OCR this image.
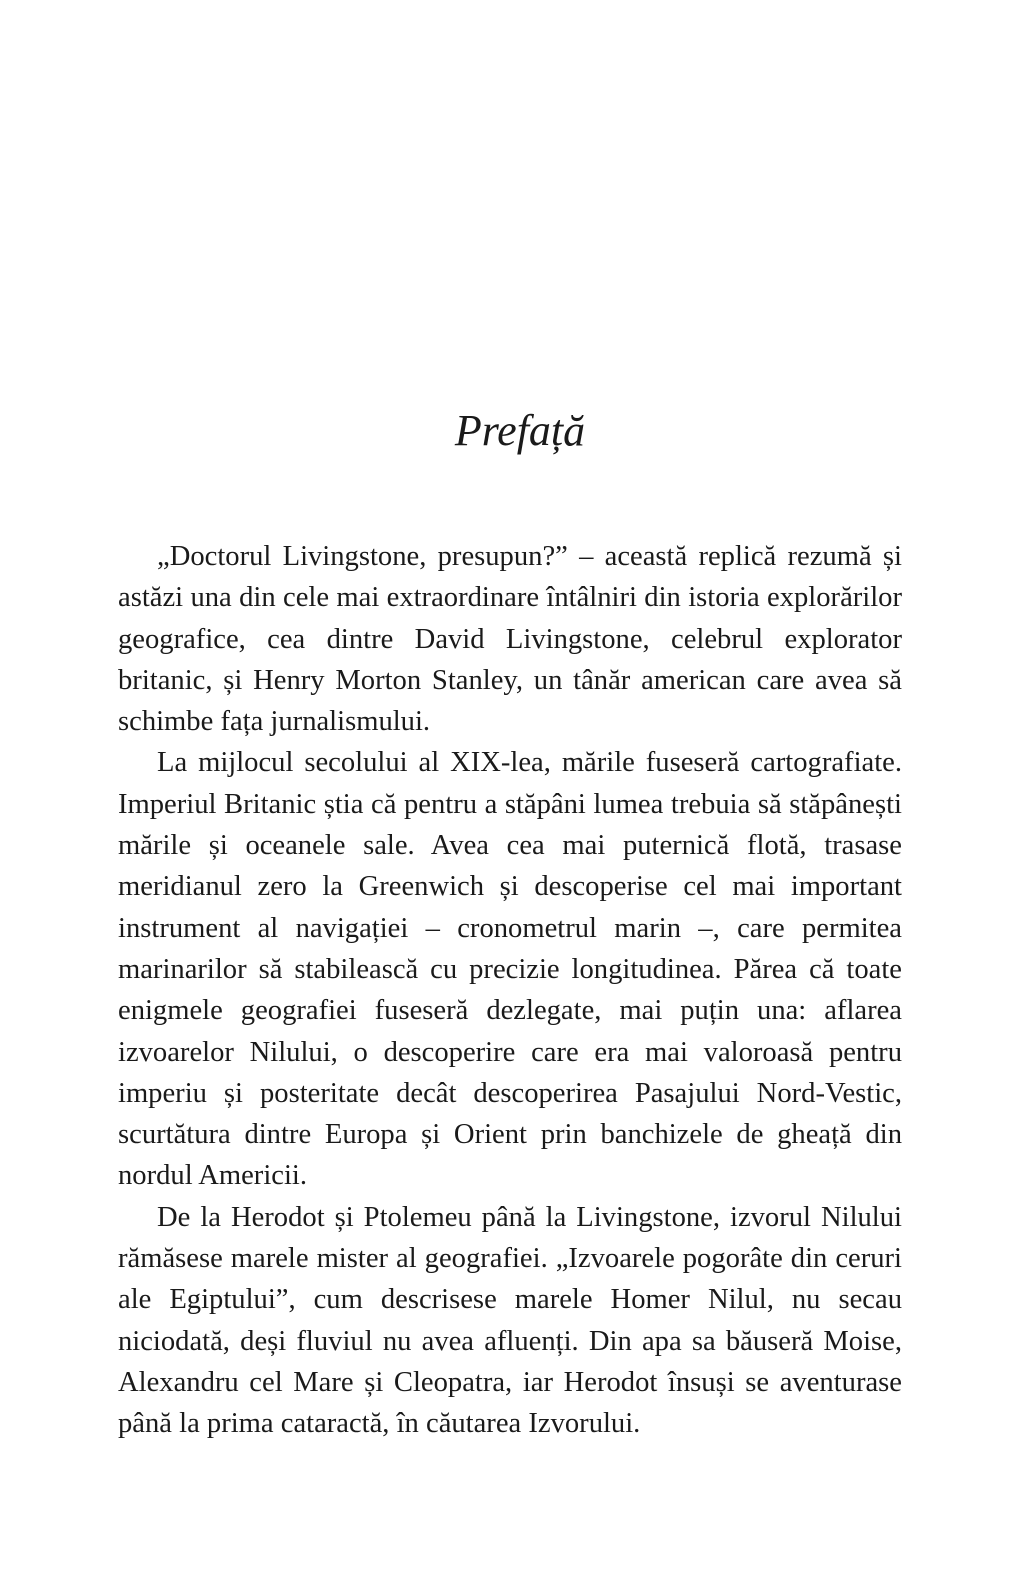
Prefață

„Doctorul Livingstone, presupun?” – această replică rezumă și astăzi una din cele mai extraordinare întâlniri din istoria explorărilor geografice, cea dintre David Livingstone, celebrul explorator britanic, și Henry Morton Stanley, un tânăr american care avea să schimbe fața jurnalismului.

La mijlocul secolului al XIX-lea, mările fuseseră cartografiate. Imperiul Britanic știa că pentru a stăpâni lumea trebuia să stăpânești mările și oceanele sale. Avea cea mai puternică flotă, trasase meridianul zero la Greenwich și descoperise cel mai important instrument al navigației – cronometrul marin –, care permitea marinarilor să stabilească cu precizie longitudinea. Părea că toate enigmele geografiei fuseseră dezlegate, mai puțin una: aflarea izvoarelor Nilului, o descoperire care era mai valoroasă pentru imperiu și posteritate decât descoperirea Pasajului Nord-Vestic, scurtătura dintre Europa și Orient prin banchizele de gheață din nordul Americii.

De la Herodot și Ptolemeu până la Livingstone, izvorul Nilului rămăsese marele mister al geografiei. „Izvoarele pogorâte din ceruri ale Egiptului”, cum descrisese marele Homer Nilul, nu secau niciodată, deși fluviul nu avea afluenți. Din apa sa băuseră Moise, Alexandru cel Mare și Cleopatra, iar Herodot însuși se aventurase până la prima cataractă, în căutarea Izvorului.
